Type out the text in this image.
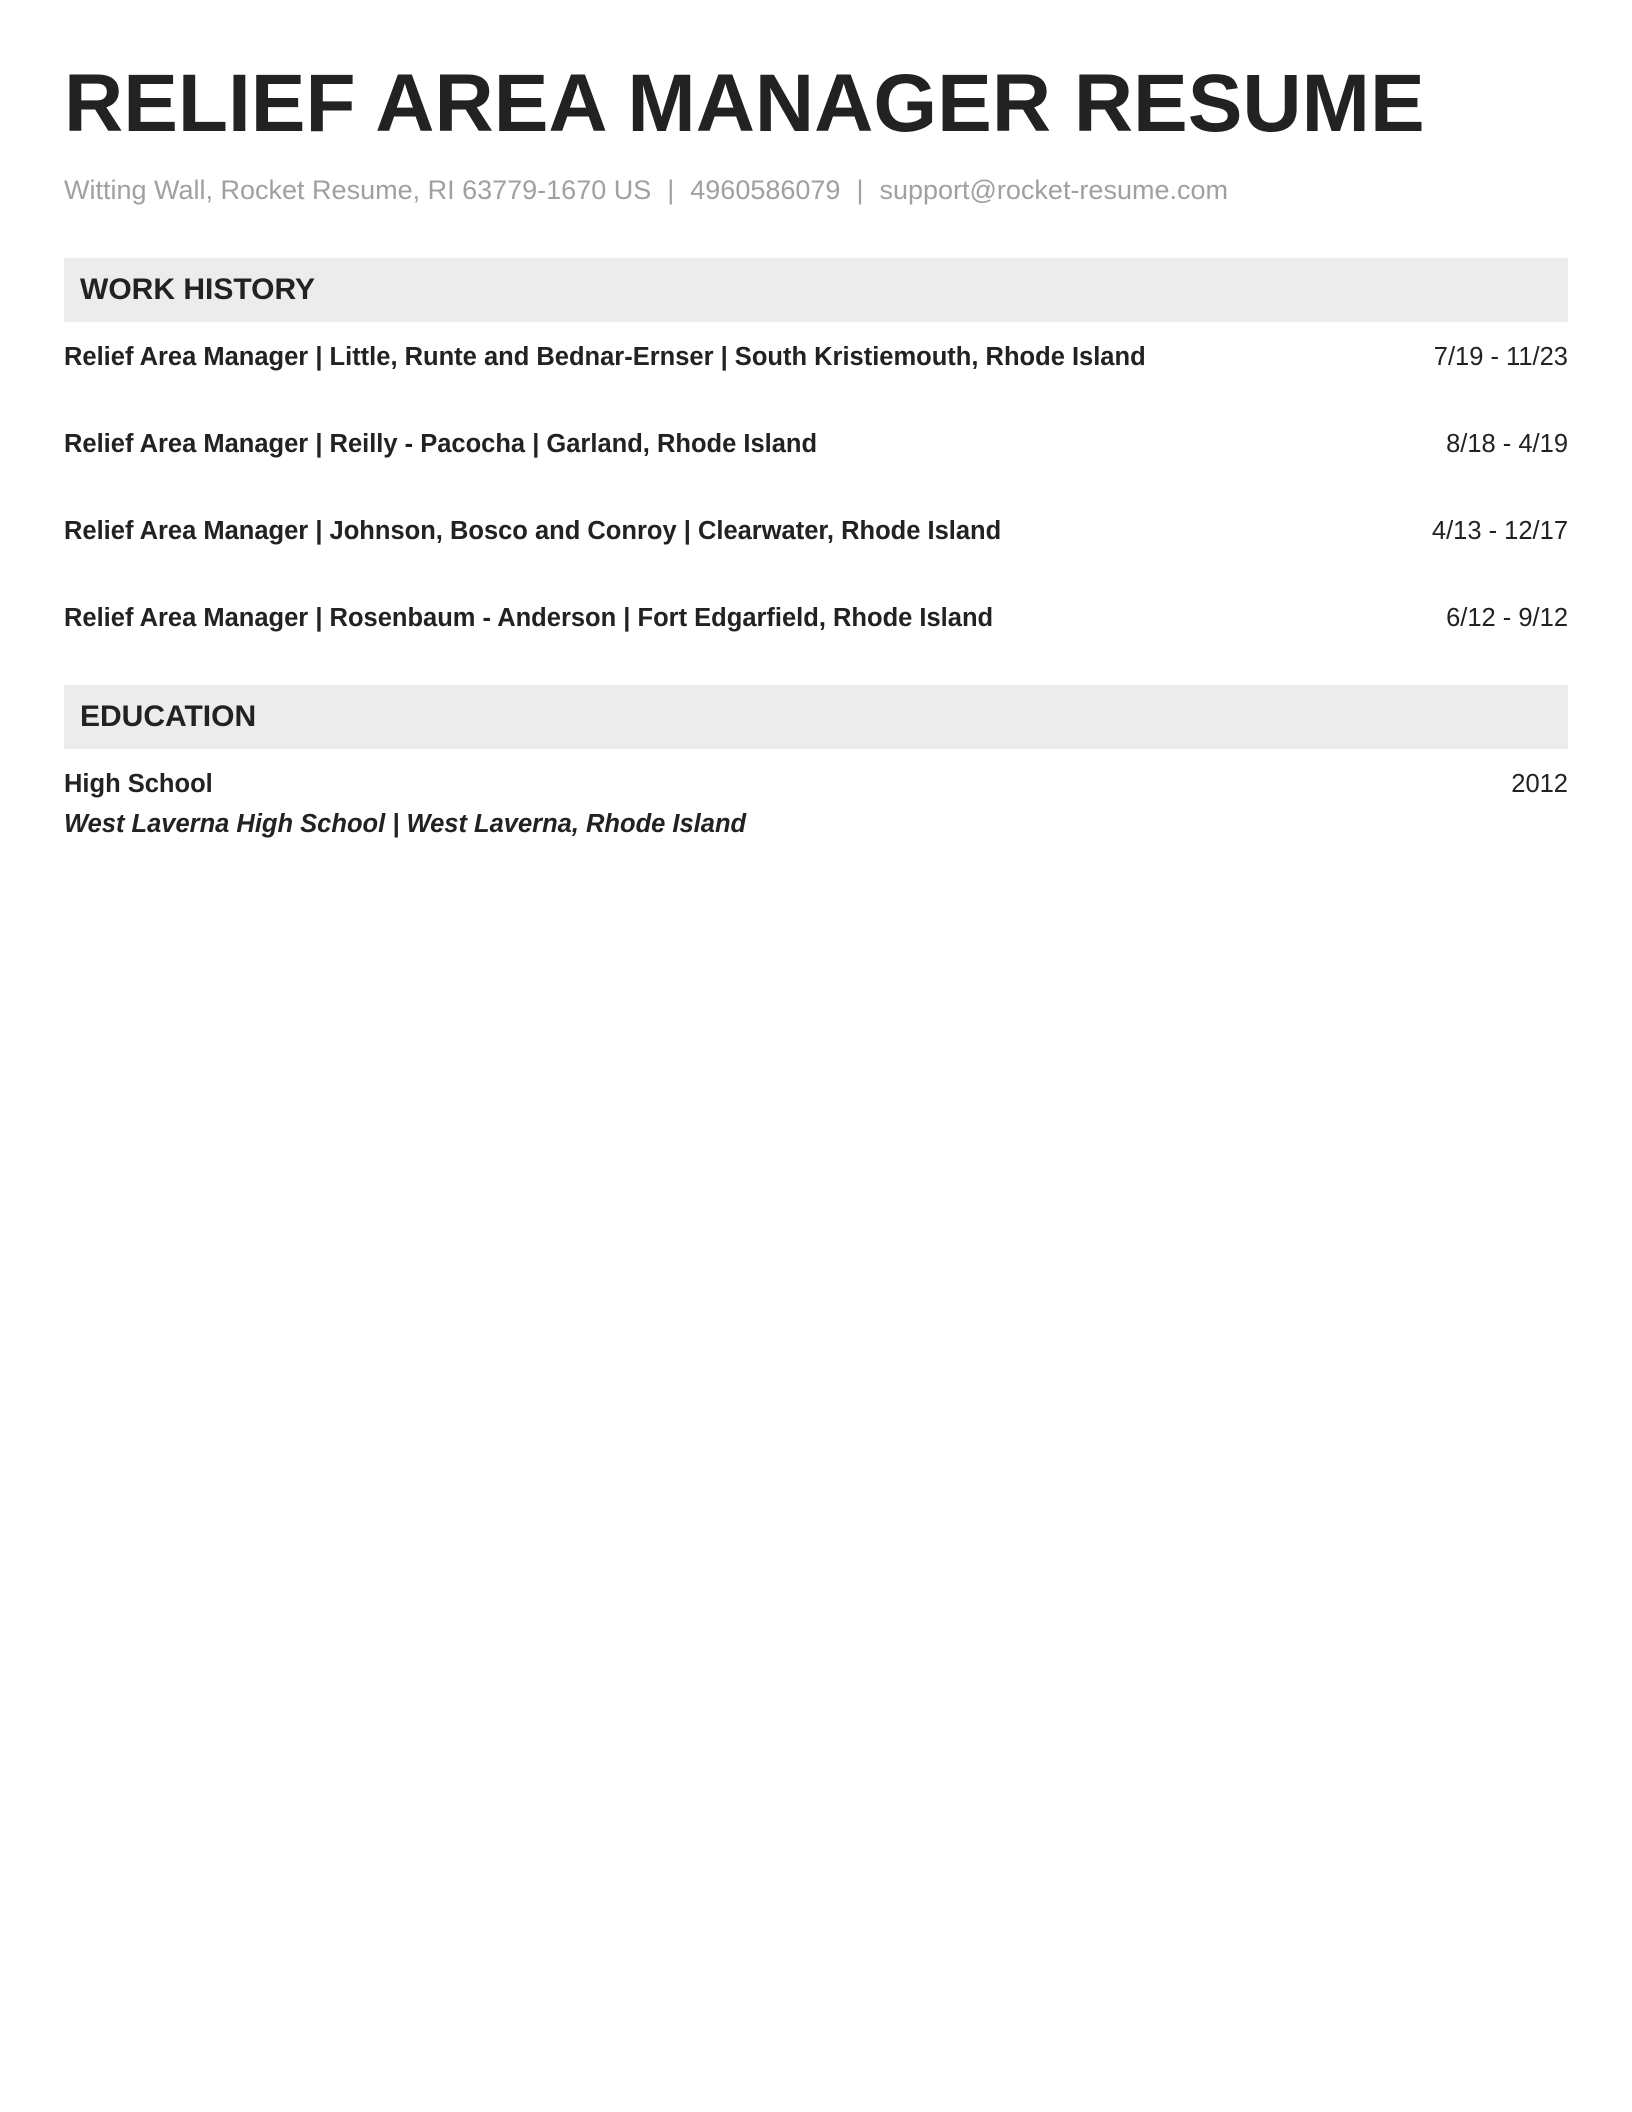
RELIEF AREA MANAGER RESUME
Witting Wall, Rocket Resume, RI 63779-1670 US | 4960586079 | support@rocket-resume.com
WORK HISTORY
Relief Area Manager | Little, Runte and Bednar-Ernser | South Kristiemouth, Rhode Island	7/19 - 11/23
Relief Area Manager | Reilly - Pacocha | Garland, Rhode Island	8/18 - 4/19
Relief Area Manager | Johnson, Bosco and Conroy | Clearwater, Rhode Island	4/13 - 12/17
Relief Area Manager | Rosenbaum - Anderson | Fort Edgarfield, Rhode Island	6/12 - 9/12
EDUCATION
High School	2012
West Laverna High School | West Laverna, Rhode Island
